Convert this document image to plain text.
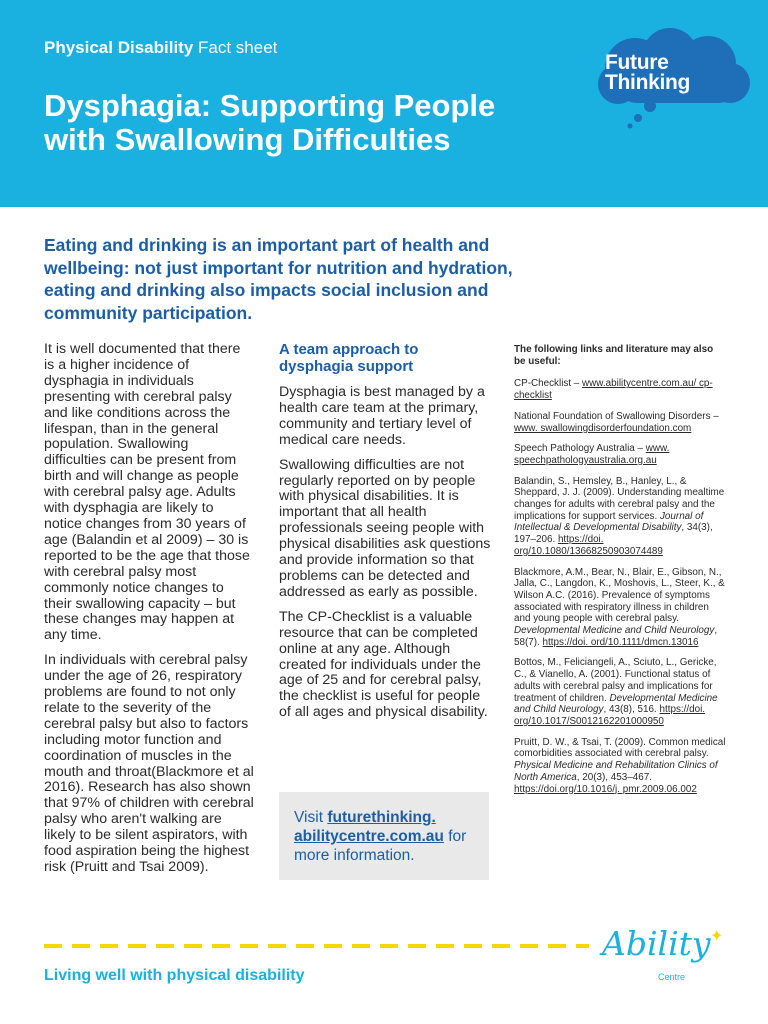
Physical Disability Fact sheet
Dysphagia: Supporting People with Swallowing Difficulties
Future
Thinking

Eating and drinking is an important part of health and wellbeing: not just important for nutrition and hydration, eating and drinking also impacts social inclusion and community participation.

It is well documented that there is a higher incidence of dysphagia in individuals presenting with cerebral palsy and like conditions across the lifespan, than in the general population. Swallowing difficulties can be present from birth and will change as people with cerebral palsy age. Adults with dysphagia are likely to notice changes from 30 years of age (Balandin et al 2009) – 30 is reported to be the age that those with cerebral palsy most commonly notice changes to their swallowing capacity – but these changes may happen at any time.

In individuals with cerebral palsy under the age of 26, respiratory problems are found to not only relate to the severity of the cerebral palsy but also to factors including motor function and coordination of muscles in the mouth and throat(Blackmore et al 2016). Research has also shown that 97% of children with cerebral palsy who aren't walking are likely to be silent aspirators, with food aspiration being the highest risk (Pruitt and Tsai 2009).

A team approach to dysphagia support

Dysphagia is best managed by a health care team at the primary, community and tertiary level of medical care needs.

Swallowing difficulties are not regularly reported on by people with physical disabilities. It is important that all health professionals seeing people with physical disabilities ask questions and provide information so that problems can be detected and addressed as early as possible.

The CP-Checklist is a valuable resource that can be completed online at any age. Although created for individuals under the age of 25 and for cerebral palsy, the checklist is useful for people of all ages and physical disability.

Visit futurethinking. abilitycentre.com.au for more information.

The following links and literature may also be useful:

CP-Checklist – www.abilitycentre.com.au/ cp-checklist

National Foundation of Swallowing Disorders – www. swallowingdisorderfoundation.com

Speech Pathology Australia – www. speechpathologyaustralia.org.au

Balandin, S., Hemsley, B., Hanley, L., & Sheppard, J. J. (2009). Understanding mealtime changes for adults with cerebral palsy and the implications for support services. Journal of Intellectual & Developmental Disability, 34(3), 197–206. https://doi. org/10.1080/13668250903074489

Blackmore, A.M., Bear, N., Blair, E., Gibson, N., Jalla, C., Langdon, K., Moshovis, L., Steer, K., & Wilson A.C. (2016). Prevalence of symptoms associated with respiratory illness in children and young people with cerebral palsy. Developmental Medicine and Child Neurology, 58(7). https://doi. ord/10.1111/dmcn.13016

Bottos, M., Feliciangeli, A., Sciuto, L., Gericke, C., & Vianello, A. (2001). Functional status of adults with cerebral palsy and implications for treatment of children. Developmental Medicine and Child Neurology, 43(8), 516. https://doi. org/10.1017/S0012162201000950

Pruitt, D. W., & Tsai, T. (2009). Common medical comorbidities associated with cerebral palsy. Physical Medicine and Rehabilitation Clinics of North America, 20(3), 453–467. https://doi.org/10.1016/j. pmr.2009.06.002

Living well with physical disability
Ability ✦
Centre
